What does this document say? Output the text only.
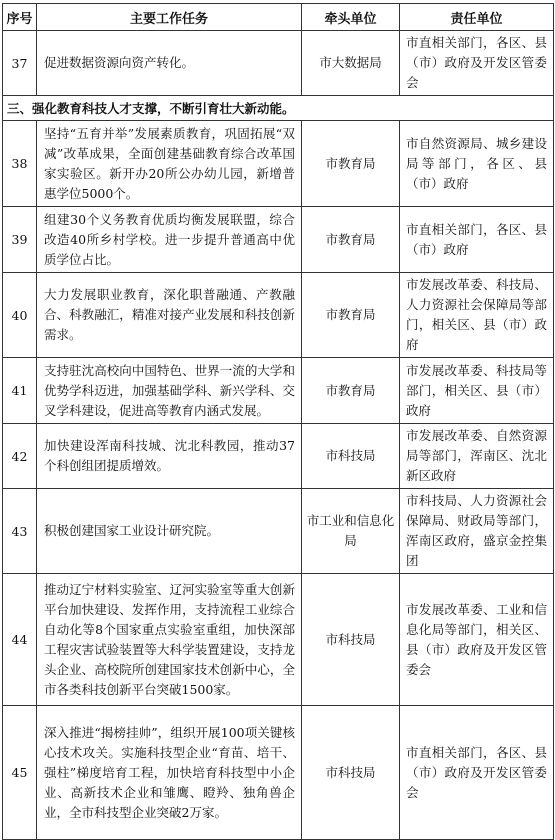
序号	主要工作任务	牵头单位	责任单位
37	促进数据资源向资产转化。	市大数据局	市直相关部门，各区、县（市）政府及开发区管委会
三、强化教育科技人才支撑，不断引育壮大新动能。			
38	坚持“五育并举”发展素质教育，巩固拓展“双减”改革成果，全面创建基础教育综合改革国家实验区。新开办20所公办幼儿园，新增普惠学位5000个。	市教育局	市自然资源局、城乡建设局等部门，各区、县（市）政府
39	组建30个义务教育优质均衡发展联盟，综合改造40所乡村学校。进一步提升普通高中优质学位占比。	市教育局	市直相关部门，各区、县（市）政府
40	大力发展职业教育，深化职普融通、产教融合、科教融汇，精准对接产业发展和科技创新需求。	市教育局	市发展改革委、科技局、人力资源社会保障局等部门，相关区、县（市）政府
41	支持驻沈高校向中国特色、世界一流的大学和优势学科迈进，加强基础学科、新兴学科、交叉学科建设，促进高等教育内涵式发展。	市教育局	市发展改革委、科技局等部门，相关区、县（市）政府
42	加快建设浑南科技城、沈北科教园，推动37个科创组团提质增效。	市科技局	市发展改革委、自然资源局等部门，浑南区、沈北新区政府
43	积极创建国家工业设计研究院。	市工业和信息化局	市科技局、人力资源社会保障局、财政局等部门，浑南区政府，盛京金控集团
44	推动辽宁材料实验室、辽河实验室等重大创新平台加快建设、发挥作用，支持流程工业综合自动化等8个国家重点实验室重组，加快深部工程灾害试验装置等大科学装置建设，支持龙头企业、高校院所创建国家技术创新中心，全市各类科技创新平台突破1500家。	市科技局	市发展改革委、工业和信息化局等部门，相关区、县（市）政府及开发区管委会
45	深入推进“揭榜挂帅”，组织开展100项关键核心技术攻关。实施科技型企业“育苗、培干、强柱”梯度培育工程，加快培育科技型中小企业、高新技术企业和雏鹰、瞪羚、独角兽企业，全市科技型企业突破2万家。	市科技局	市直相关部门，各区、县（市）政府及开发区管委会
